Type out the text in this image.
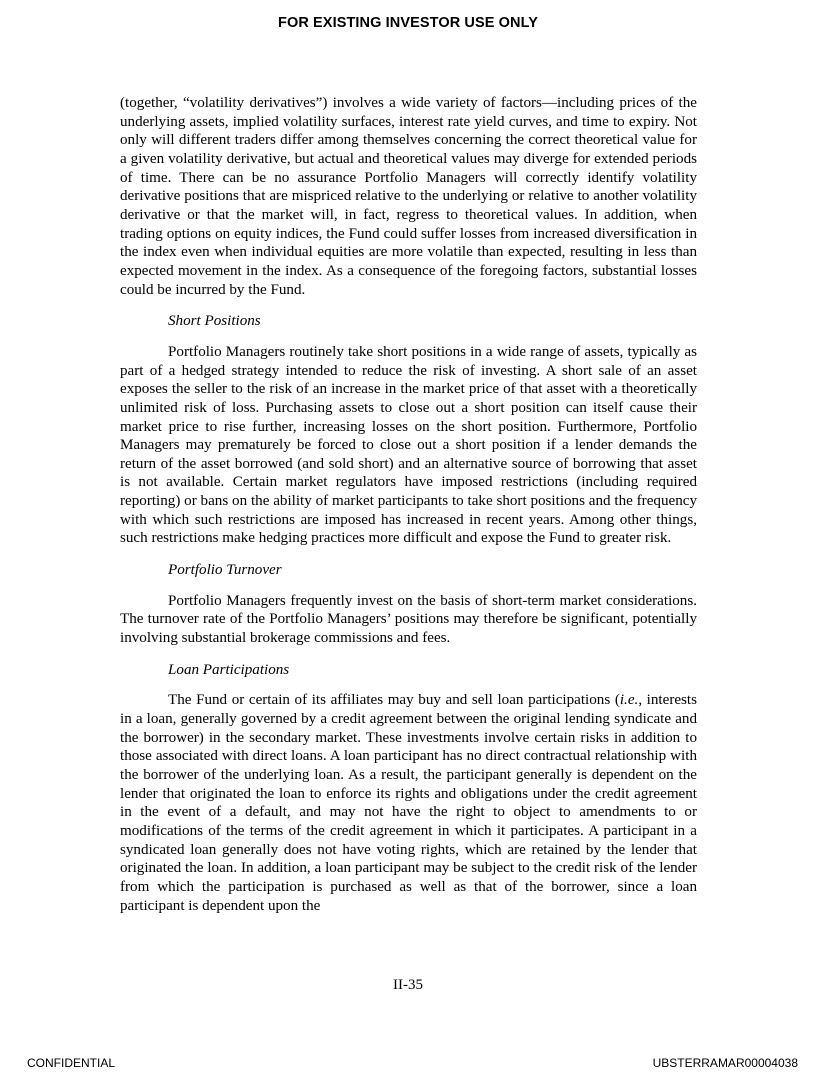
FOR EXISTING INVESTOR USE ONLY

(together, “volatility derivatives”) involves a wide variety of factors—including prices of the underlying assets, implied volatility surfaces, interest rate yield curves, and time to expiry. Not only will different traders differ among themselves concerning the correct theoretical value for a given volatility derivative, but actual and theoretical values may diverge for extended periods of time. There can be no assurance Portfolio Managers will correctly identify volatility derivative positions that are mispriced relative to the underlying or relative to another volatility derivative or that the market will, in fact, regress to theoretical values. In addition, when trading options on equity indices, the Fund could suffer losses from increased diversification in the index even when individual equities are more volatile than expected, resulting in less than expected movement in the index. As a consequence of the foregoing factors, substantial losses could be incurred by the Fund.

Short Positions

Portfolio Managers routinely take short positions in a wide range of assets, typically as part of a hedged strategy intended to reduce the risk of investing. A short sale of an asset exposes the seller to the risk of an increase in the market price of that asset with a theoretically unlimited risk of loss. Purchasing assets to close out a short position can itself cause their market price to rise further, increasing losses on the short position. Furthermore, Portfolio Managers may prematurely be forced to close out a short position if a lender demands the return of the asset borrowed (and sold short) and an alternative source of borrowing that asset is not available. Certain market regulators have imposed restrictions (including required reporting) or bans on the ability of market participants to take short positions and the frequency with which such restrictions are imposed has increased in recent years. Among other things, such restrictions make hedging practices more difficult and expose the Fund to greater risk.

Portfolio Turnover

Portfolio Managers frequently invest on the basis of short-term market considerations. The turnover rate of the Portfolio Managers’ positions may therefore be significant, potentially involving substantial brokerage commissions and fees.

Loan Participations

The Fund or certain of its affiliates may buy and sell loan participations (i.e., interests in a loan, generally governed by a credit agreement between the original lending syndicate and the borrower) in the secondary market. These investments involve certain risks in addition to those associated with direct loans. A loan participant has no direct contractual relationship with the borrower of the underlying loan. As a result, the participant generally is dependent on the lender that originated the loan to enforce its rights and obligations under the credit agreement in the event of a default, and may not have the right to object to amendments to or modifications of the terms of the credit agreement in which it participates. A participant in a syndicated loan generally does not have voting rights, which are retained by the lender that originated the loan. In addition, a loan participant may be subject to the credit risk of the lender from which the participation is purchased as well as that of the borrower, since a loan participant is dependent upon the

II-35
CONFIDENTIAL	UBSTERRAMAR00004038
